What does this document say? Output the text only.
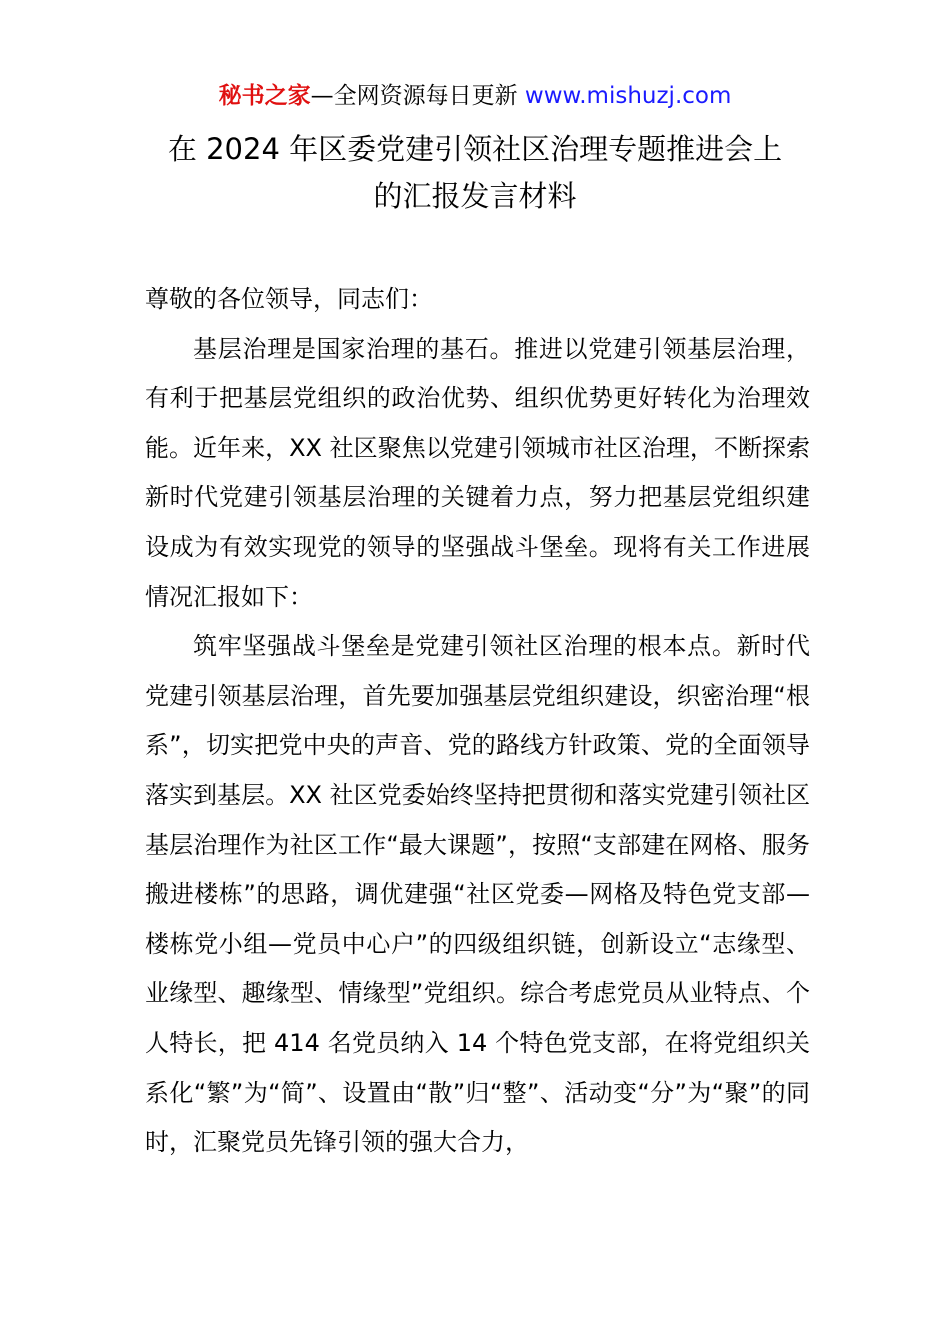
秘书之家—全网资源每日更新 www.mishuzj.com
在 2024 年区委党建引领社区治理专题推进会上
的汇报发言材料

尊敬的各位领导，同志们：

基层治理是国家治理的基石。推进以党建引领基层治理，有利于把基层党组织的政治优势、组织优势更好转化为治理效能。近年来，XX 社区聚焦以党建引领城市社区治理，不断探索新时代党建引领基层治理的关键着力点，努力把基层党组织建设成为有效实现党的领导的坚强战斗堡垒。现将有关工作进展情况汇报如下：

筑牢坚强战斗堡垒是党建引领社区治理的根本点。新时代党建引领基层治理，首先要加强基层党组织建设，织密治理“根系”，切实把党中央的声音、党的路线方针政策、党的全面领导落实到基层。XX 社区党委始终坚持把贯彻和落实党建引领社区基层治理作为社区工作“最大课题”，按照“支部建在网格、服务搬进楼栋”的思路，调优建强“社区党委—网格及特色党支部—楼栋党小组—党员中心户”的四级组织链，创新设立“志缘型、业缘型、趣缘型、情缘型”党组织。综合考虑党员从业特点、个人特长，把 414 名党员纳入 14 个特色党支部，在将党组织关系化“繁”为“简”、设置由“散”归“整”、活动变“分”为“聚”的同时，汇聚党员先锋引领的强大合力，
